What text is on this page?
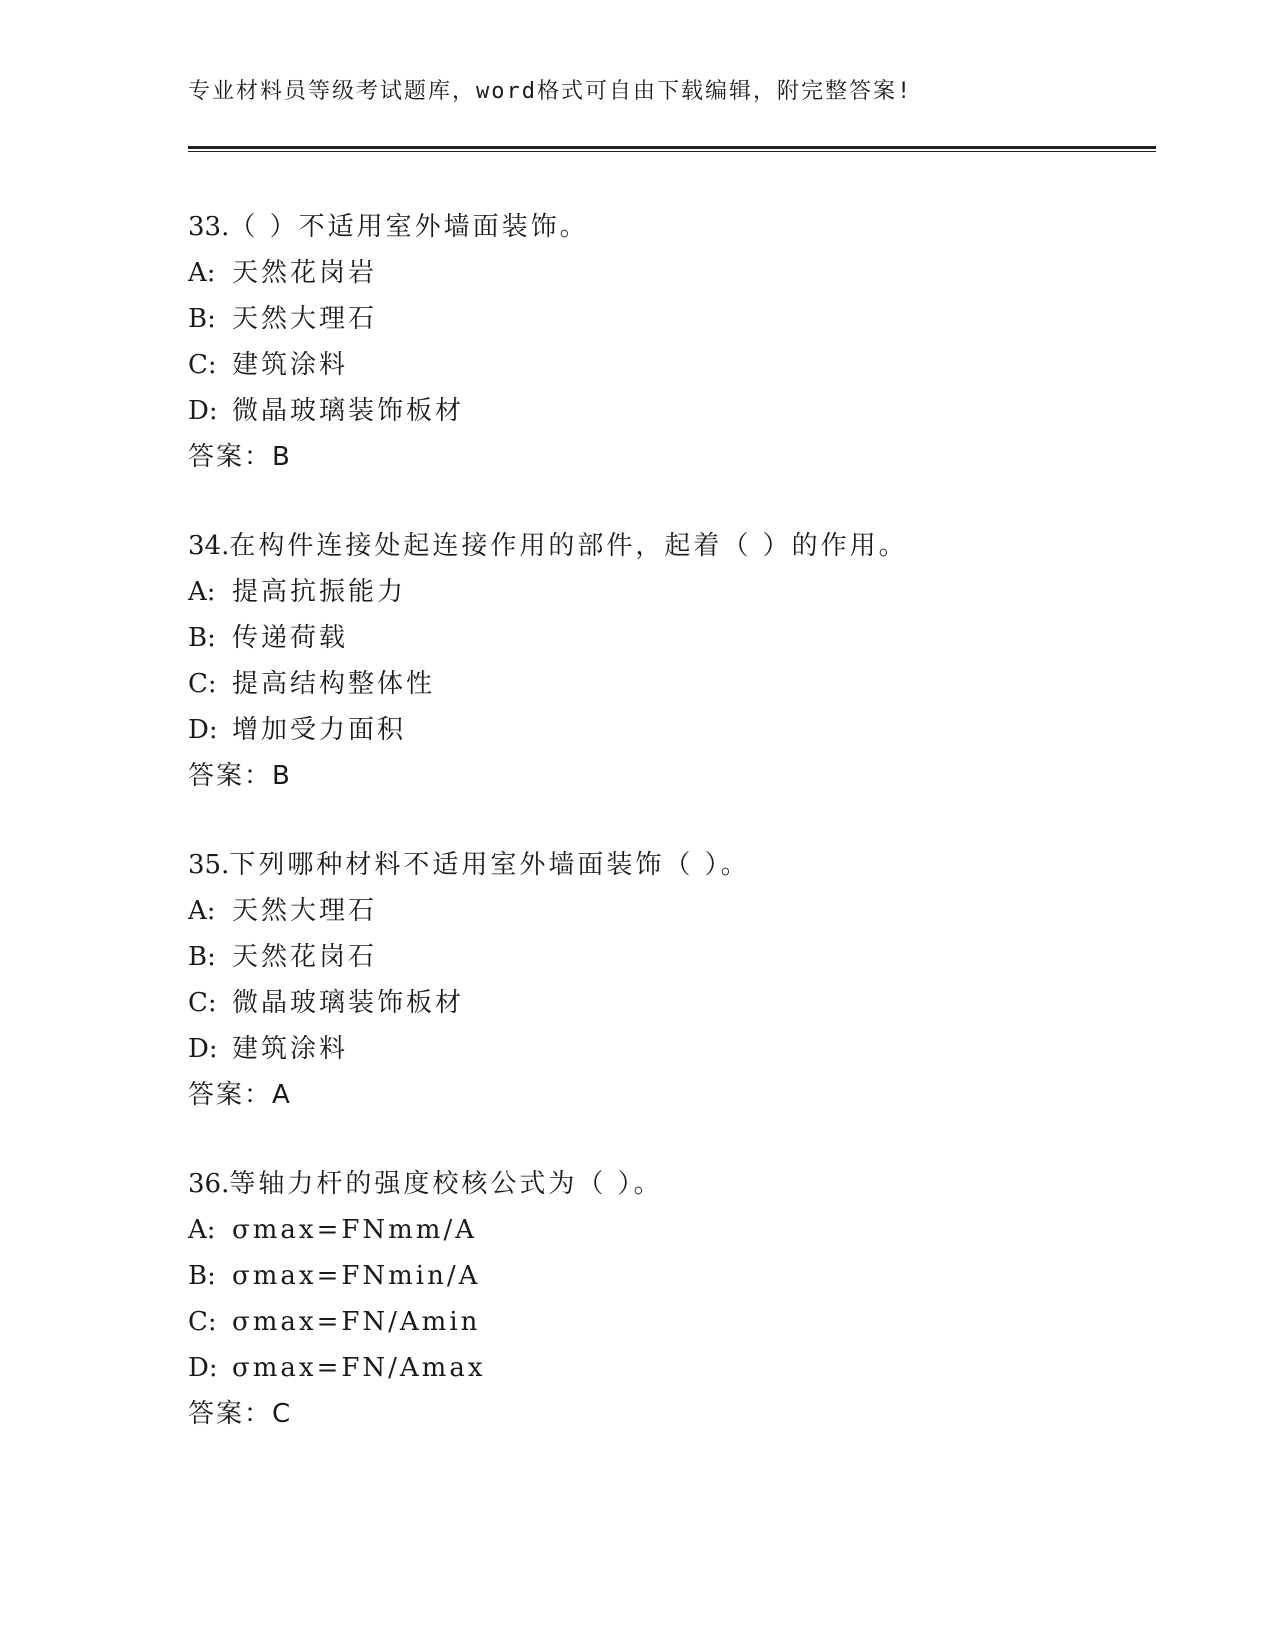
专业材料员等级考试题库，word格式可自由下载编辑，附完整答案!
33.（ ）不适用室外墙面装饰。
A: 天然花岗岩
B: 天然大理石
C: 建筑涂料
D: 微晶玻璃装饰板材
答案：B
34.在构件连接处起连接作用的部件，起着（ ）的作用。
A: 提高抗振能力
B: 传递荷载
C: 提高结构整体性
D: 增加受力面积
答案：B
35.下列哪种材料不适用室外墙面装饰（ ）。
A: 天然大理石
B: 天然花岗石
C: 微晶玻璃装饰板材
D: 建筑涂料
答案：A
36.等轴力杆的强度校核公式为（ ）。
A: σmax=FNmm/A
B: σmax=FNmin/A
C: σmax=FN/Amin
D: σmax=FN/Amax
答案：C
